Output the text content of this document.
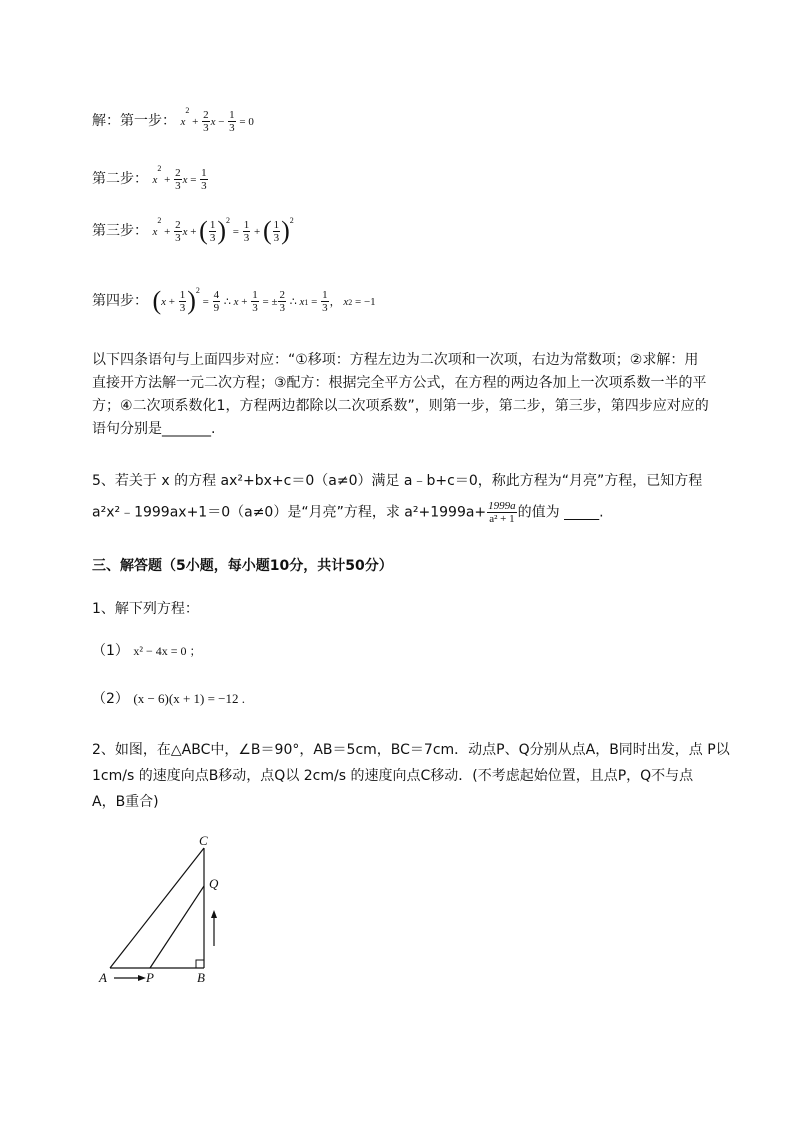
解：第一步： $x^2 + \frac{2}{3}$ $x - \frac{1}{3} = 0$
第二步： $x^2 + \frac{2}{3}$ $x = \frac{1}{3}$
第三步： $x^2 + \frac{2}{3}$ x + ( $\frac{1}{3} )^2 = \frac{1}{3}$ + ( $\frac{1}{3} )^2$
第四步： $(x + \frac{1}{3} )^2 = \frac{4}{9}$ ∴ $x + \frac{1}{3}$ = ± $\frac{2}{3}$ ∴ $x1 = \frac{1}{3}$ ， x2 = −1
以下四条语句与上面四步对应：“①移项：方程左边为二次项和一次项，右边为常数项；②求解：用直接开方法解一元二次方程；③配方：根据完全平方公式，在方程的两边各加上一次项系数一半的平方；④二次项系数化1，方程两边都除以二次项系数”，则第一步，第二步，第三步，第四步应对应的语句分别是_______.
5、若关于 x 的方程 ax²+bx+c＝0（a≠0）满足 a﹣b+c＝0，称此方程为“月亮”方程，已知方程
a²x²﹣1999ax+1＝0（a≠0）是“月亮”方程，求 $a^2+1999a+ \frac{1999a}{\text{a² + 1}}$ 的值为 _____.
三、解答题（5小题，每小题10分，共计50分）
1、解下列方程：
（1） x² − 4x = 0 ；
（2） (x − 6)(x + 1) = −12 .
2、如图，在△ABC中，∠B＝90°，AB＝5cm，BC＝7cm．动点P、Q分别从点A，B同时出发，点 P以
1cm/s 的速度向点B移动，点Q以 2cm/s 的速度向点C移动．(不考虑起始位置，且点P，Q不与点
A，B重合)
A	P	B
C
Q
